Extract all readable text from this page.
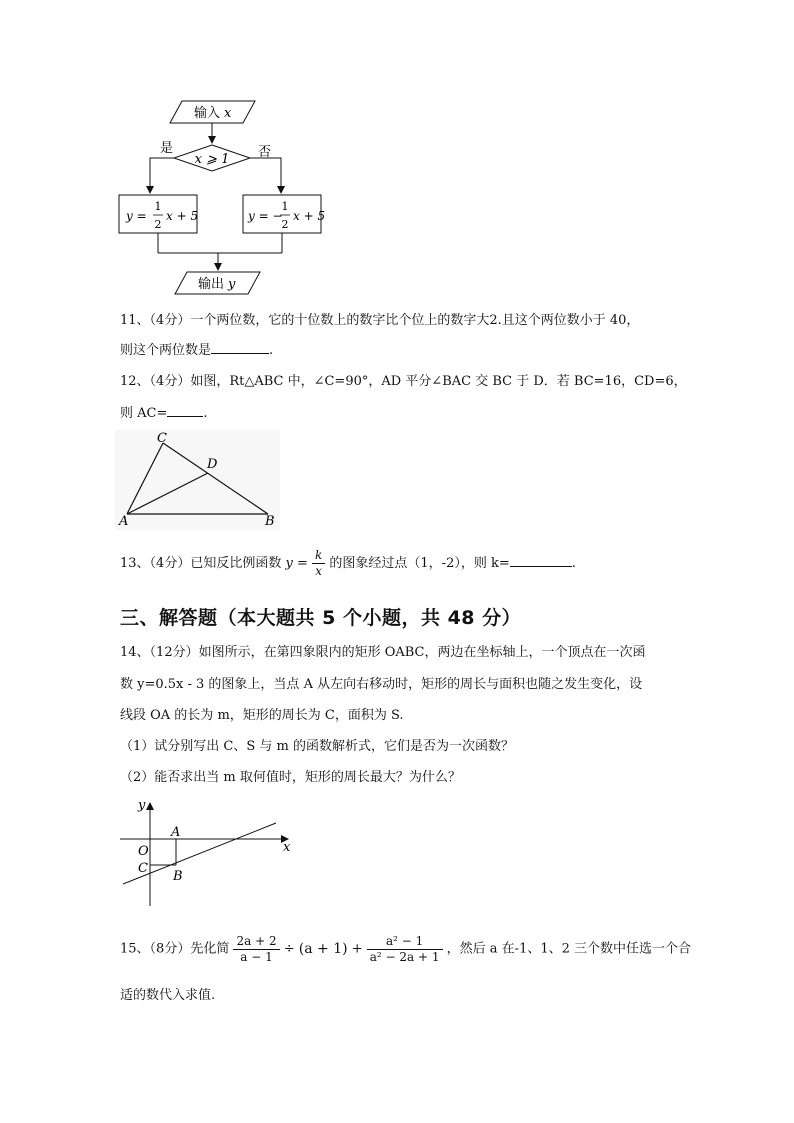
输入 x
x ⩾ 1
是	否
y =
1
2
x + 5	y = −
1
2
x + 5
输出 y
11、（4分）一个两位数，它的十位数上的数字比个位上的数字大2.且这个两位数小于 40，
则这个两位数是	.
12、（4分）如图，Rt△ABC 中，∠C=90°，AD 平分∠BAC 交 BC 于 D．若 BC=16，CD=6，
则 AC=	.
C
D
A	B
13、（4分）已知反比例函数 $y = \frac{k}{x}$ 的图象经过点（1，-2），则 k=	.
三、解答题（本大题共 5 个小题，共 48 分）
14、（12分）如图所示，在第四象限内的矩形 OABC，两边在坐标轴上，一个顶点在一次函
数 y=0.5x - 3 的图象上，当点 A 从左向右移动时，矩形的周长与面积也随之发生变化，设
线段 OA 的长为 m，矩形的周长为 C，面积为 S.
（1）试分别写出 C、S 与 m 的函数解析式，它们是否为一次函数？
（2）能否求出当 m 取何值时，矩形的周长最大？为什么？
y
x
O
A
C
B
15、（8分）先化简 $\frac{2a + 2}{a - 1} \div (a + 1) + \frac{\text{a² − 1}}{\text{a² − 2a + 1}}$ ，然后 a 在-1、1、2 三个数中任选一个合
适的数代入求值.
